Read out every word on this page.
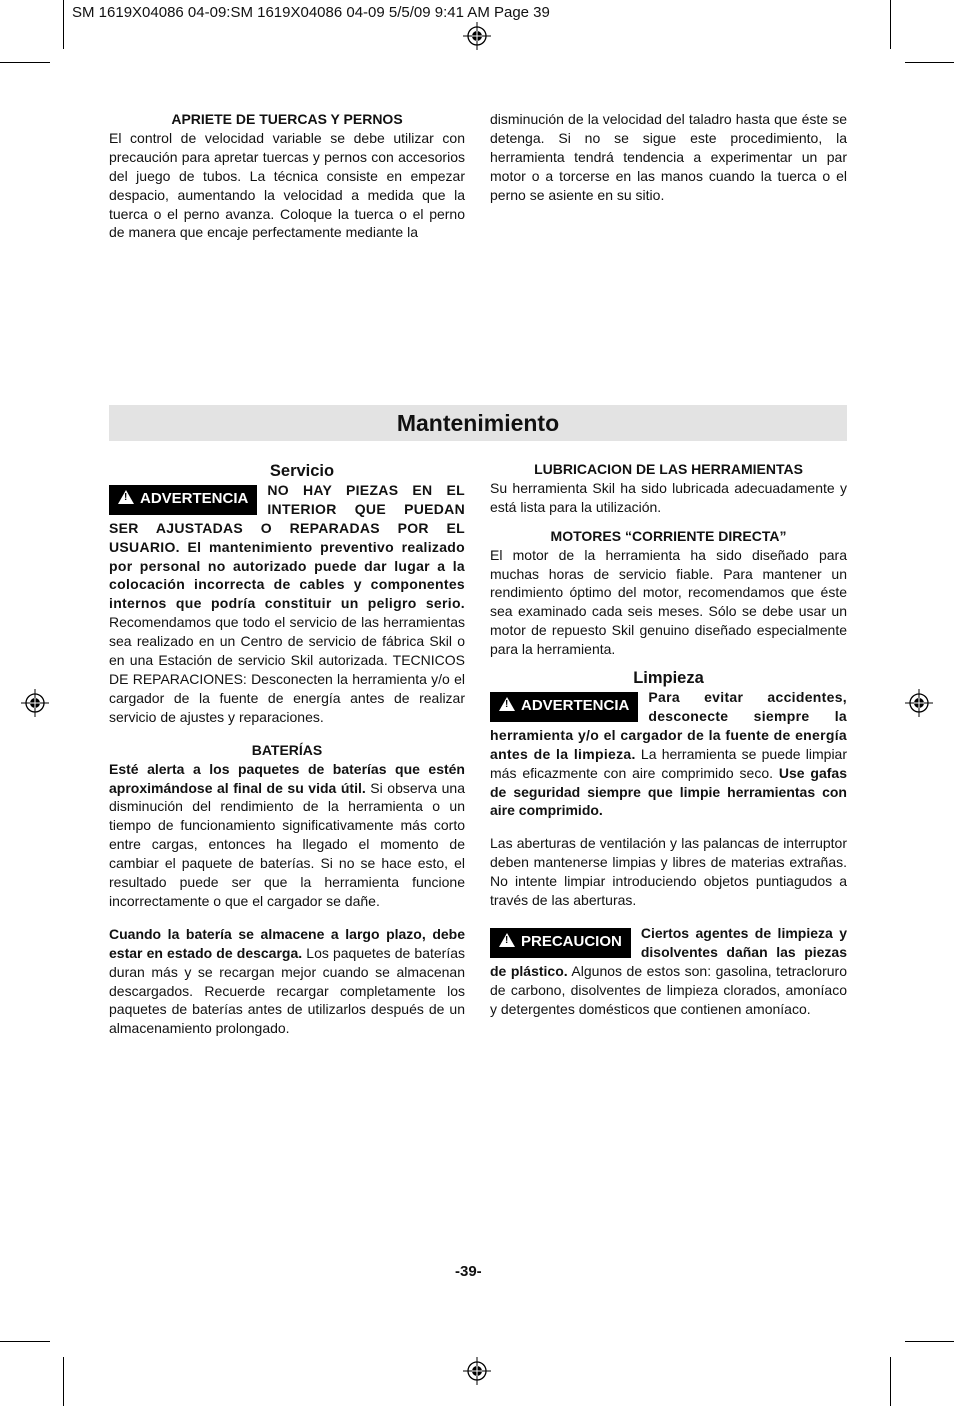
SM 1619X04086 04-09:SM 1619X04086 04-09 5/5/09 9:41 AM Page 39

APRIETE DE TUERCAS Y PERNOS

El control de velocidad variable se debe utilizar con precaución para apretar tuercas y pernos con accesorios del juego de tubos. La técnica consiste en empezar despacio, aumentando la velocidad a medida que la tuerca o el perno avanza. Coloque la tuerca o el perno de manera que encaje perfectamente mediante la

disminución de la velocidad del taladro hasta que éste se detenga. Si no se sigue este procedimiento, la herramienta tendrá tendencia a experimentar un par motor o a torcerse en las manos cuando la tuerca o el perno se asiente en su sitio.

Mantenimiento

Servicio

! ADVERTENCIA	NO HAY PIEZAS EN EL INTERIOR QUE PUEDAN SER AJUSTADAS O REPARADAS POR EL USUARIO. El mantenimiento preventivo realizado por personal no autorizado puede dar lugar a la colocación incorrecta de cables y componentes internos que podría constituir un peligro serio. Recomendamos que todo el servicio de las herramientas sea realizado en un Centro de servicio de fábrica Skil o en una Estación de servicio Skil autorizada. TECNICOS DE REPARACIONES: Desconecten la herramienta y/o el cargador de la fuente de energía antes de realizar servicio de ajustes y reparaciones.

BATERÍAS

Esté alerta a los paquetes de baterías que estén aproximándose al final de su vida útil. Si observa una disminución del rendimiento de la herramienta o un tiempo de funcionamiento significativamente más corto entre cargas, entonces ha llegado el momento de cambiar el paquete de baterías. Si no se hace esto, el resultado puede ser que la herramienta funcione incorrectamente o que el cargador se dañe.

Cuando la batería se almacene a largo plazo, debe estar en estado de descarga. Los paquetes de baterías duran más y se recargan mejor cuando se almacenan descargados. Recuerde recargar completamente los paquetes de baterías antes de utilizarlos después de un almacenamiento prolongado.

LUBRICACION DE LAS HERRAMIENTAS

Su herramienta Skil ha sido lubricada adecuadamente y está lista para la utilización.

MOTORES “CORRIENTE DIRECTA”

El motor de la herramienta ha sido diseñado para muchas horas de servicio fiable. Para mantener un rendimiento óptimo del motor, recomendamos que éste sea examinado cada seis meses. Sólo se debe usar un motor de repuesto Skil genuino diseñado especialmente para la herramienta.

Limpieza

! ADVERTENCIA	Para evitar accidentes, desconecte siempre la herramienta y/o el cargador de la fuente de energía antes de la limpieza. La herramienta se puede limpiar más eficazmente con aire comprimido seco. Use gafas de seguridad siempre que limpie herramientas con aire comprimido.

Las aberturas de ventilación y las palancas de interruptor deben mantenerse limpias y libres de materias extrañas. No intente limpiar introduciendo objetos puntiagudos a través de las aberturas.

! PRECAUCION	Ciertos agentes de limpieza y disolventes dañan las piezas de plástico. Algunos de estos son: gasolina, tetracloruro de carbono, disolventes de limpieza clorados, amoníaco y detergentes domésticos que contienen amoníaco.

-39-
